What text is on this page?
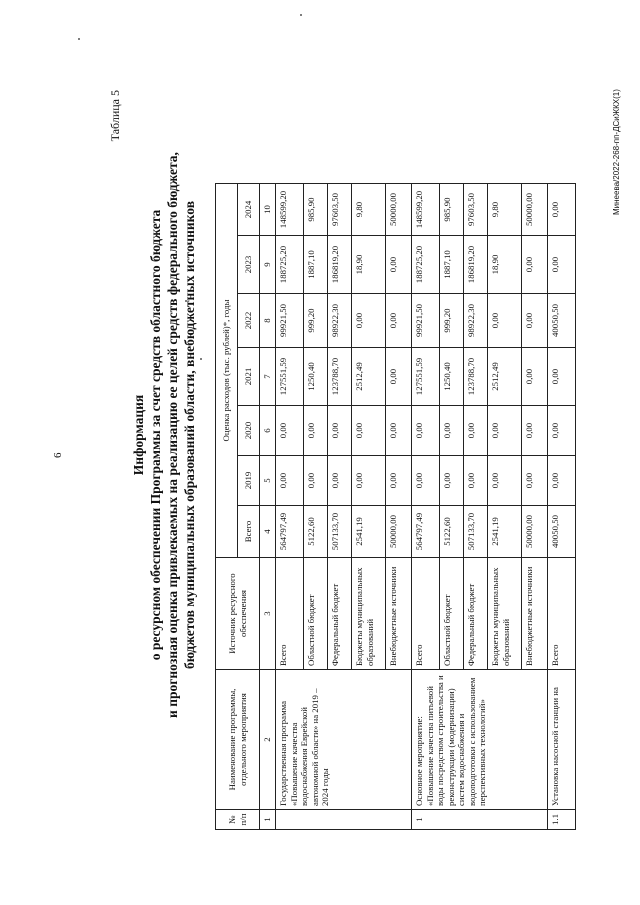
6
Таблица 5
Информация о ресурсном обеспечении Программы за счет средств областного бюджета и прогнозная оценка привлекаемых на реализацию ее целей средств федерального бюджета, бюджетов муниципальных образований области, внебюджетных источников
№ п/п	Наименование программы, отдельного мероприятия	Источник ресурсного обеспечения	Оценка расходов (тыс. рублей)*, годы						
			Всего	2019	2020	2021	2022	2023	2024
1	2	3	4	5	6	7	8	9	10
	Государственная программа «Повышение качества водоснабжения Еврейской автономной области» на 2019 – 2024 годы	Всего	564797,49	0,00	0,00	127551,59	99921,50	188725,20	148599,20
		Областной бюджет	5122,60	0,00	0,00	1250,40	999,20	1887,10	985,90
		Федеральный бюджет	507133,70	0,00	0,00	123788,70	98922,30	186819,20	97603,50
		Бюджеты муниципальных образований	2541,19	0,00	0,00	2512,49	0,00	18,90	9,80
		Внебюджетные источники	50000,00	0,00	0,00	0,00	0,00	0,00	50000,00
1	Основное мероприятие: «Повышение качества питьевой воды посредством строительства и реконструкции (модернизации) систем водоснабжения и водоподготовки с использованием перспективных технологий»	Всего	564797,49	0,00	0,00	127551,59	99921,50	188725,20	148599,20
		Областной бюджет	5122,60	0,00	0,00	1250,40	999,20	1887,10	985,90
		Федеральный бюджет	507133,70	0,00	0,00	123788,70	98922,30	186819,20	97603,50
		Бюджеты муниципальных образований	2541,19	0,00	0,00	2512,49	0,00	18,90	9,80
		Внебюджетные источники	50000,00	0,00	0,00	0,00	0,00	0,00	50000,00
1.1	Установка насосной станции на	Всего	40050,50	0,00	0,00	0,00	40050,50	0,00	0,00	Минеева/2022-268-пп-ДСиЖКХ(1)
